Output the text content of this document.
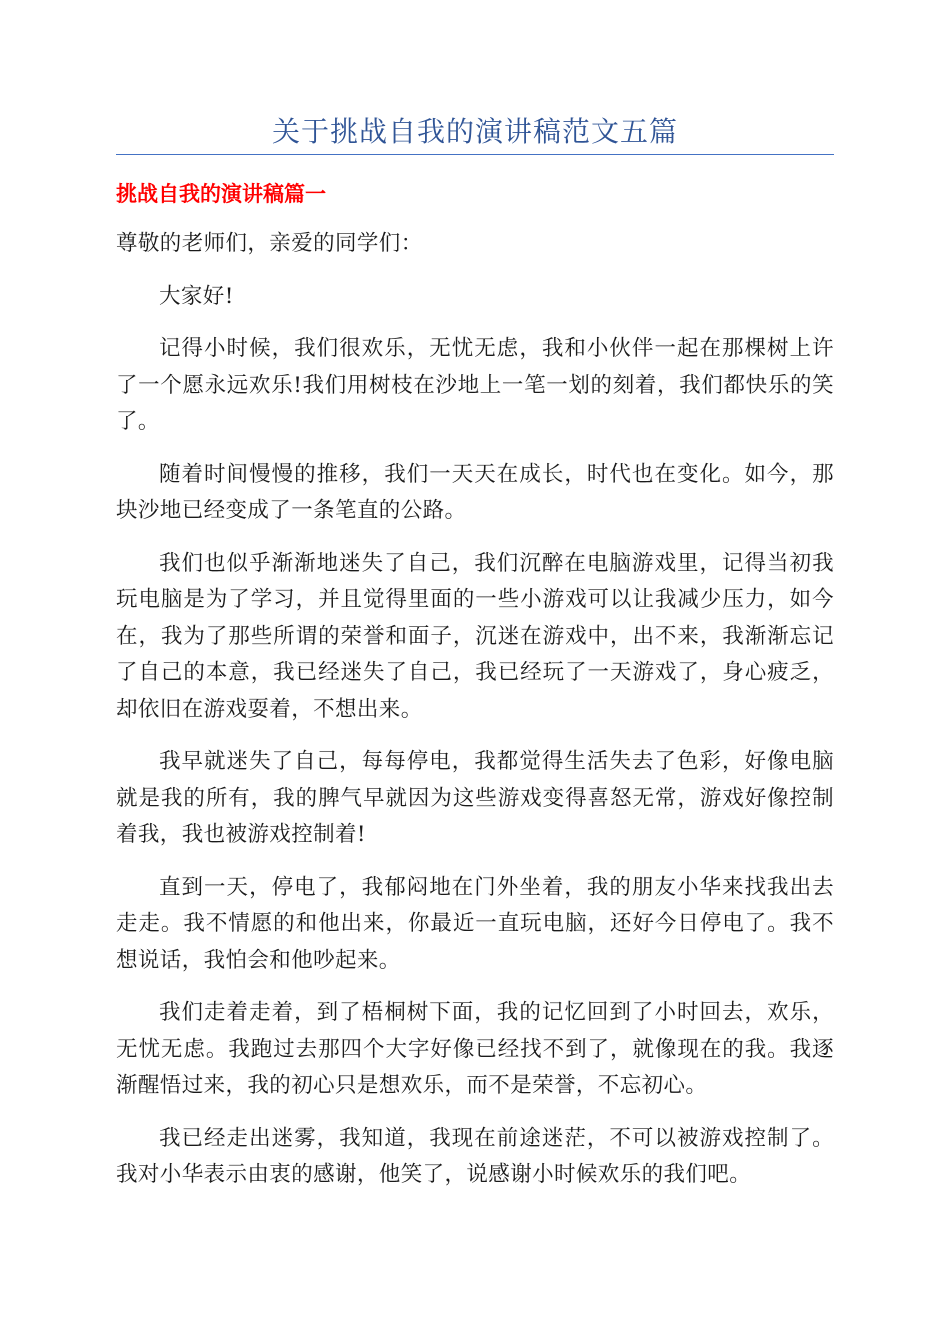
关于挑战自我的演讲稿范文五篇
挑战自我的演讲稿篇一

尊敬的老师们，亲爱的同学们：

大家好!

记得小时候，我们很欢乐，无忧无虑，我和小伙伴一起在那棵树上许了一个愿永远欢乐!我们用树枝在沙地上一笔一划的刻着，我们都快乐的笑了。

随着时间慢慢的推移，我们一天天在成长，时代也在变化。如今，那块沙地已经变成了一条笔直的公路。

我们也似乎渐渐地迷失了自己，我们沉醉在电脑游戏里，记得当初我玩电脑是为了学习，并且觉得里面的一些小游戏可以让我减少压力，如今在，我为了那些所谓的荣誉和面子，沉迷在游戏中，出不来，我渐渐忘记了自己的本意，我已经迷失了自己，我已经玩了一天游戏了，身心疲乏，却依旧在游戏耍着，不想出来。

我早就迷失了自己，每每停电，我都觉得生活失去了色彩，好像电脑就是我的所有，我的脾气早就因为这些游戏变得喜怒无常，游戏好像控制着我，我也被游戏控制着!

直到一天，停电了，我郁闷地在门外坐着，我的朋友小华来找我出去走走。我不情愿的和他出来，你最近一直玩电脑，还好今日停电了。我不想说话，我怕会和他吵起来。

我们走着走着，到了梧桐树下面，我的记忆回到了小时回去，欢乐，无忧无虑。我跑过去那四个大字好像已经找不到了，就像现在的我。我逐渐醒悟过来，我的初心只是想欢乐，而不是荣誉，不忘初心。

我已经走出迷雾，我知道，我现在前途迷茫，不可以被游戏控制了。我对小华表示由衷的感谢，他笑了，说感谢小时候欢乐的我们吧。
